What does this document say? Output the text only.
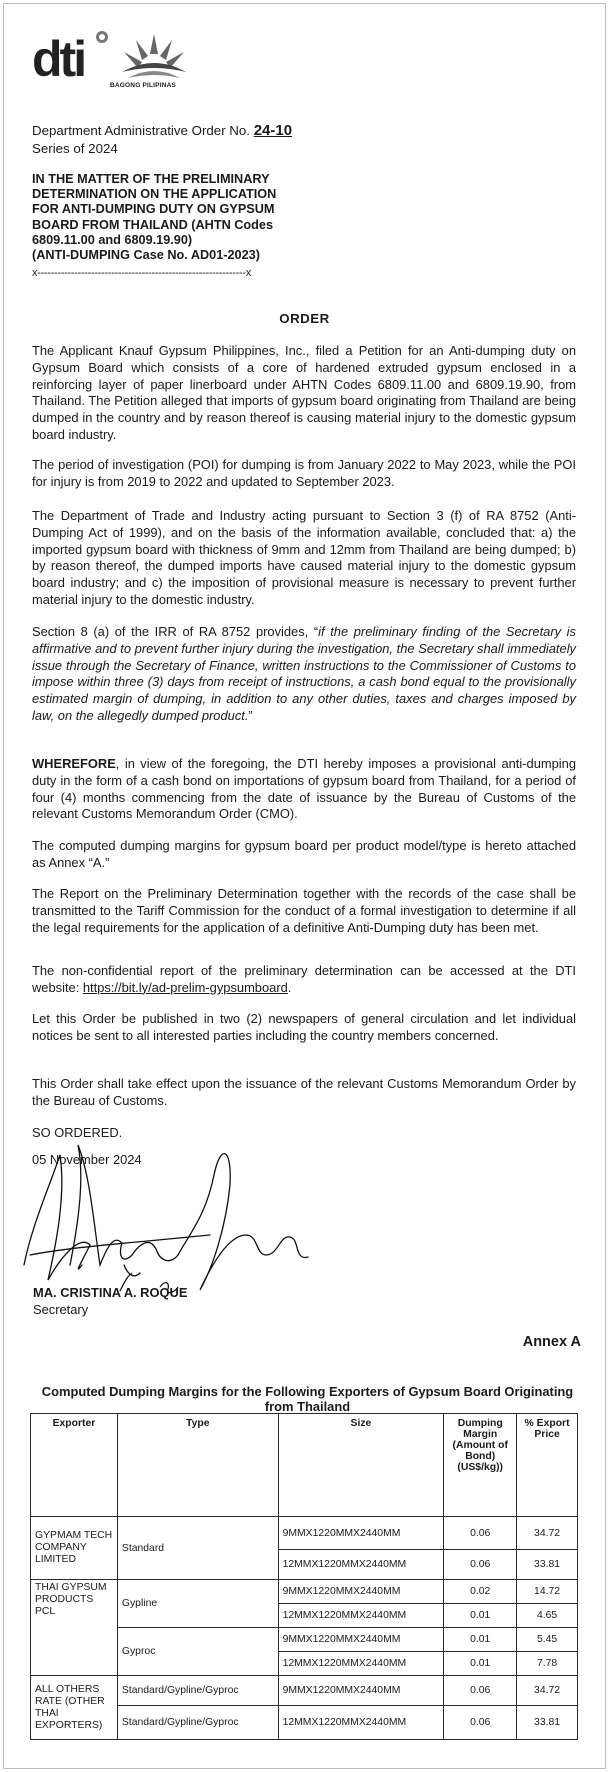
dti	BAGONG PILIPINAS
Department Administrative Order No. 24-10
Series of 2024
IN THE MATTER OF THE PRELIMINARY
DETERMINATION ON THE APPLICATION
FOR ANTI-DUMPING DUTY ON GYPSUM
BOARD FROM THAILAND (AHTN Codes
6809.11.00 and 6809.19.90)
(ANTI-DUMPING Case No. AD01-2023)
x--------------------------------------------------------------x
ORDER

The Applicant Knauf Gypsum Philippines, Inc., filed a Petition for an Anti-dumping duty on Gypsum Board which consists of a core of hardened extruded gypsum enclosed in a reinforcing layer of paper linerboard under AHTN Codes 6809.11.00 and 6809.19.90, from Thailand. The Petition alleged that imports of gypsum board originating from Thailand are being dumped in the country and by reason thereof is causing material injury to the domestic gypsum board industry.

The period of investigation (POI) for dumping is from January 2022 to May 2023, while the POI for injury is from 2019 to 2022 and updated to September 2023.

The Department of Trade and Industry acting pursuant to Section 3 (f) of RA 8752 (Anti-Dumping Act of 1999), and on the basis of the information available, concluded that: a) the imported gypsum board with thickness of 9mm and 12mm from Thailand are being dumped; b) by reason thereof, the dumped imports have caused material injury to the domestic gypsum board industry; and c) the imposition of provisional measure is necessary to prevent further material injury to the domestic industry.

Section 8 (a) of the IRR of RA 8752 provides, “if the preliminary finding of the Secretary is affirmative and to prevent further injury during the investigation, the Secretary shall immediately issue through the Secretary of Finance, written instructions to the Commissioner of Customs to impose within three (3) days from receipt of instructions, a cash bond equal to the provisionally estimated margin of dumping, in addition to any other duties, taxes and charges imposed by law, on the allegedly dumped product.”

WHEREFORE, in view of the foregoing, the DTI hereby imposes a provisional anti-dumping duty in the form of a cash bond on importations of gypsum board from Thailand, for a period of four (4) months commencing from the date of issuance by the Bureau of Customs of the relevant Customs Memorandum Order (CMO).

The computed dumping margins for gypsum board per product model/type is hereto attached as Annex “A.”

The Report on the Preliminary Determination together with the records of the case shall be transmitted to the Tariff Commission for the conduct of a formal investigation to determine if all the legal requirements for the application of a definitive Anti-Dumping duty has been met.

The non-confidential report of the preliminary determination can be accessed at the DTI website: https://bit.ly/ad-prelim-gypsumboard.

Let this Order be published in two (2) newspapers of general circulation and let individual notices be sent to all interested parties including the country members concerned.

This Order shall take effect upon the issuance of the relevant Customs Memorandum Order by the Bureau of Customs.

SO ORDERED.
05 November 2024
MA. CRISTINA A. ROQUE
Secretary
Annex A
Computed Dumping Margins for the Following Exporters of Gypsum Board Originating from Thailand
Exporter	Type	Size	Dumping Margin (Amount of Bond) (US$/kg))	% Export Price
GYPMAM TECH COMPANY LIMITED	Standard	9MMX1220MMX2440MM	0.06	34.72
		12MMX1220MMX2440MM	0.06	33.81
THAI GYPSUM PRODUCTS PCL	Gypline	9MMX1220MMX2440MM	0.02	14.72
		12MMX1220MMX2440MM	0.01	4.65
	Gyproc	9MMX1220MMX2440MM	0.01	5.45
		12MMX1220MMX2440MM	0.01	7.78
ALL OTHERS RATE (OTHER THAI EXPORTERS)	Standard/Gypline/Gyproc	9MMX1220MMX2440MM	0.06	34.72
	Standard/Gypline/Gyproc	12MMX1220MMX2440MM	0.06	33.81
